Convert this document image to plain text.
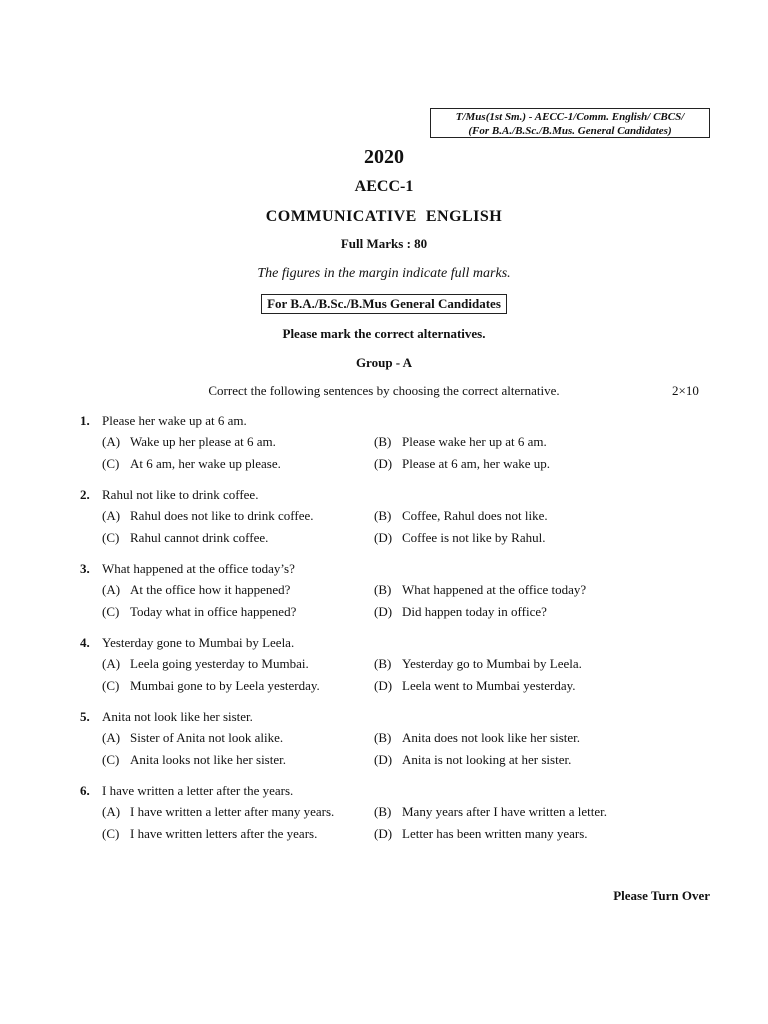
T/Mus(1st Sm.) - AECC-1/Comm. English/ CBCS/
(For B.A./B.Sc./B.Mus. General Candidates)
2020
AECC-1
COMMUNICATIVE  ENGLISH
Full Marks : 80
The figures in the margin indicate full marks.
For B.A./B.Sc./B.Mus General Candidates
Please mark the correct alternatives.
Group - A
Correct the following sentences by choosing the correct alternative.	2×10
1. Please her wake up at 6 am.
(A) Wake up her please at 6 am.	(B) Please wake her up at 6 am.
(C) At 6 am, her wake up please.	(D) Please at 6 am, her wake up.
2. Rahul not like to drink coffee.
(A) Rahul does not like to drink coffee.	(B) Coffee, Rahul does not like.
(C) Rahul cannot drink coffee.	(D) Coffee is not like by Rahul.
3. What happened at the office today’s?
(A) At the office how it happened?	(B) What happened at the office today?
(C) Today what in office happened?	(D) Did happen today in office?
4. Yesterday gone to Mumbai by Leela.
(A) Leela going yesterday to Mumbai.	(B) Yesterday go to Mumbai by Leela.
(C) Mumbai gone to by Leela yesterday.	(D) Leela went to Mumbai yesterday.
5. Anita not look like her sister.
(A) Sister of Anita not look alike.	(B) Anita does not look like her sister.
(C) Anita looks not like her sister.	(D) Anita is not looking at her sister.
6. I have written a letter after the years.
(A) I have written a letter after many years.	(B) Many years after I have written a letter.
(C) I have written letters after the years.	(D) Letter has been written many years.
Please Turn Over
